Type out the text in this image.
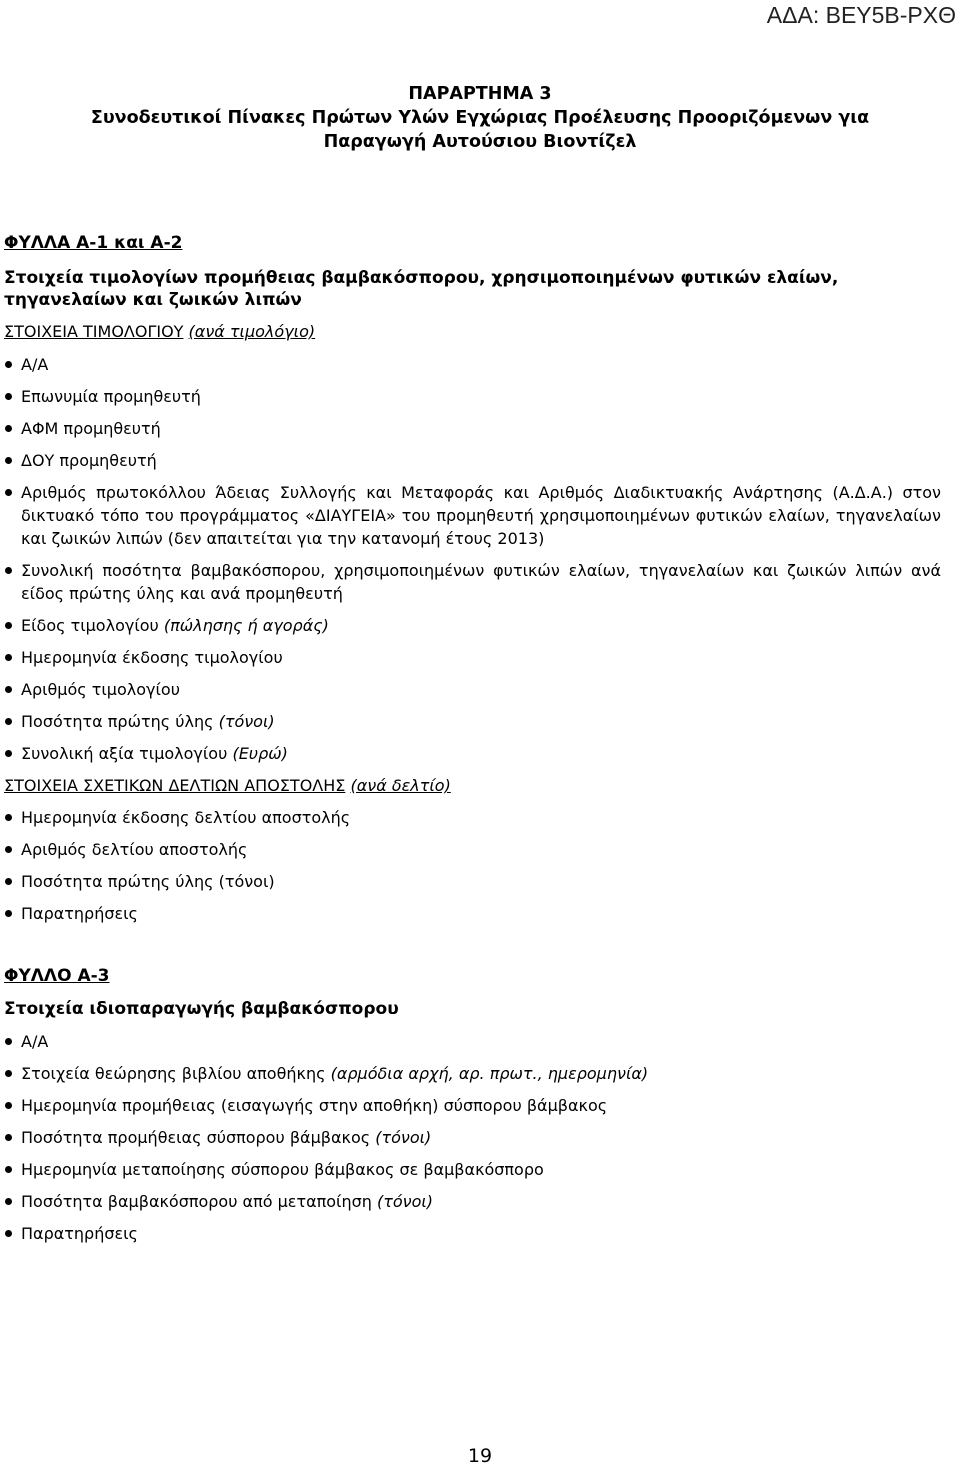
ΑΔΑ: ΒΕΥ5Β-ΡΧΘ
ΠΑΡΑΡΤΗΜΑ 3
Συνοδευτικοί Πίνακες Πρώτων Υλών Εγχώριας Προέλευσης Προοριζόμενων για
Παραγωγή Αυτούσιου Βιοντίζελ

ΦΥΛΛΑ Α-1 και Α-2

Στοιχεία τιμολογίων προμήθειας βαμβακόσπορου, χρησιμοποιημένων φυτικών ελαίων, τηγανελαίων και ζωικών λιπών

ΣΤΟΙΧΕΙΑ ΤΙΜΟΛΟΓΙΟΥ (ανά τιμολόγιο)

Α/Α

Επωνυμία προμηθευτή

ΑΦΜ προμηθευτή

ΔΟΥ προμηθευτή

Αριθμός πρωτοκόλλου Άδειας Συλλογής και Μεταφοράς και Αριθμός Διαδικτυακής Ανάρτησης (Α.Δ.Α.) στον δικτυακό τόπο του προγράμματος «ΔΙΑΥΓΕΙΑ» του προμηθευτή χρησιμοποιημένων φυτικών ελαίων, τηγανελαίων και ζωικών λιπών (δεν απαιτείται για την κατανομή έτους 2013)

Συνολική ποσότητα βαμβακόσπορου, χρησιμοποιημένων φυτικών ελαίων, τηγανελαίων και ζωικών λιπών ανά είδος πρώτης ύλης και ανά προμηθευτή

Είδος τιμολογίου (πώλησης ή αγοράς)

Ημερομηνία έκδοσης τιμολογίου

Αριθμός τιμολογίου

Ποσότητα πρώτης ύλης (τόνοι)

Συνολική αξία τιμολογίου (Ευρώ)

ΣΤΟΙΧΕΙΑ ΣΧΕΤΙΚΩΝ ΔΕΛΤΙΩΝ ΑΠΟΣΤΟΛΗΣ (ανά δελτίο)

Ημερομηνία έκδοσης δελτίου αποστολής

Αριθμός δελτίου αποστολής

Ποσότητα πρώτης ύλης (τόνοι)

Παρατηρήσεις

ΦΥΛΛΟ Α-3

Στοιχεία ιδιοπαραγωγής βαμβακόσπορου

Α/Α

Στοιχεία θεώρησης βιβλίου αποθήκης (αρμόδια αρχή, αρ. πρωτ., ημερομηνία)

Ημερομηνία προμήθειας (εισαγωγής στην αποθήκη) σύσπορου βάμβακος

Ποσότητα προμήθειας σύσπορου βάμβακος (τόνοι)

Ημερομηνία μεταποίησης σύσπορου βάμβακος σε βαμβακόσπορο

Ποσότητα βαμβακόσπορου από μεταποίηση (τόνοι)

Παρατηρήσεις

19
